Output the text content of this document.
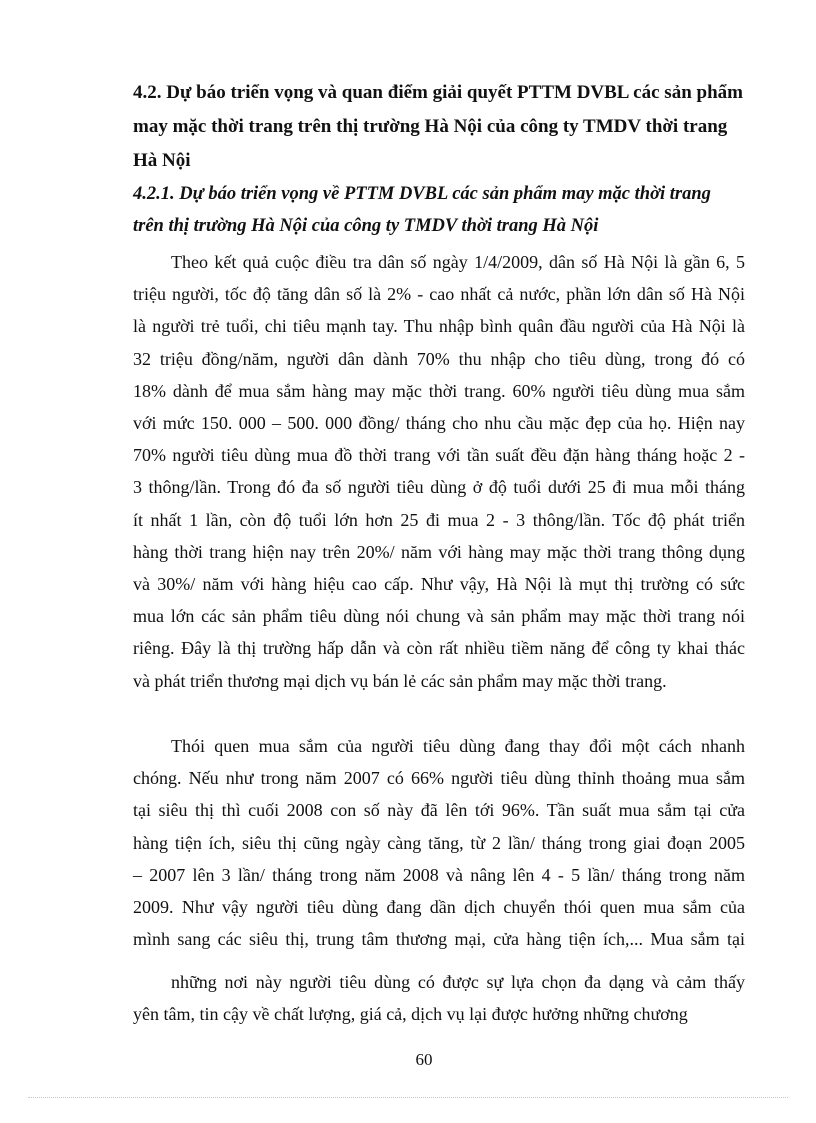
4.2. Dự báo triển vọng và quan điểm giải quyết PTTM DVBL các sản phẩm
may mặc thời trang trên thị trường Hà Nội của công ty TMDV thời trang
Hà Nội
4.2.1. Dự báo triển vọng về PTTM DVBL các sản phẩm may mặc thời trang
trên thị trường Hà Nội của công ty TMDV thời trang Hà Nội
Theo kết quả cuộc điều tra dân số ngày 1/4/2009, dân số Hà Nội là gần 6, 5
triệu người, tốc độ tăng dân số là 2% - cao nhất cả nước, phần lớn dân số Hà Nội
là người trẻ tuổi, chi tiêu mạnh tay. Thu nhập bình quân đầu người của Hà Nội là
32 triệu đồng/năm, người dân dành 70% thu nhập cho tiêu dùng, trong đó có
18% dành để mua sắm hàng may mặc thời trang. 60% người tiêu dùng mua sắm
với mức 150. 000 – 500. 000 đồng/ tháng cho nhu cầu mặc đẹp của họ. Hiện nay
70% người tiêu dùng mua đồ thời trang với tần suất đều đặn hàng tháng hoặc 2 -
3 thông/lần. Trong đó đa số người tiêu dùng ở độ tuổi dưới 25 đi mua mỗi tháng
ít nhất 1 lần, còn độ tuổi lớn hơn 25 đi mua 2 - 3 thông/lần. Tốc độ phát triển
hàng thời trang hiện nay trên 20%/ năm với hàng may mặc thời trang thông dụng
và 30%/ năm với hàng hiệu cao cấp. Như vậy, Hà Nội là mụt thị trường có sức
mua lớn các sản phẩm tiêu dùng nói chung và sản phẩm may mặc thời trang nói
riêng. Đây là thị trường hấp dẫn và còn rất nhiều tiềm năng để công ty khai thác
và phát triển thương mại dịch vụ bán lẻ các sản phẩm may mặc thời trang.
Thói quen mua sắm của người tiêu dùng đang thay đổi một cách nhanh
chóng. Nếu như trong năm 2007 có 66% người tiêu dùng thỉnh thoảng mua sắm
tại siêu thị thì cuối 2008 con số này đã lên tới 96%. Tần suất mua sắm tại cửa
hàng tiện ích, siêu thị cũng ngày càng tăng, từ 2 lần/ tháng trong giai đoạn 2005
– 2007 lên 3 lần/ tháng trong năm 2008 và nâng lên 4 - 5 lần/ tháng trong năm
2009. Như vậy người tiêu dùng đang dần dịch chuyển thói quen mua sắm của
mình sang các siêu thị, trung tâm thương mại, cửa hàng tiện ích,... Mua sắm tại
những nơi này người tiêu dùng có được sự lựa chọn đa dạng và cảm thấy
yên tâm, tin cậy về chất lượng, giá cả, dịch vụ lại được hưởng những chương
60
